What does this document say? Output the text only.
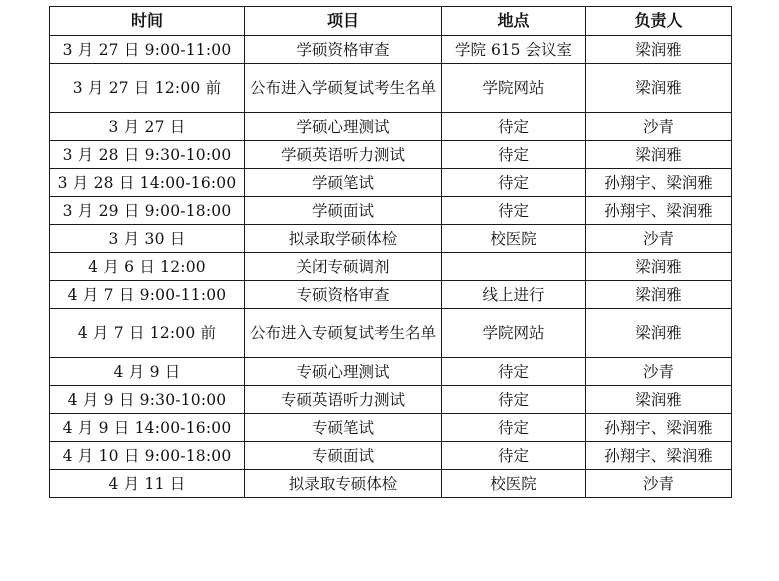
时间	项目	地点	负责人
3 月 27 日 9:00-11:00	学硕资格审查	学院 615 会议室	梁润雅
3 月 27 日 12:00 前	公布进入学硕复试考生名单	学院网站	梁润雅
3 月 27 日	学硕心理测试	待定	沙青
3 月 28 日 9:30-10:00	学硕英语听力测试	待定	梁润雅
3 月 28 日 14:00-16:00	学硕笔试	待定	孙翔宇、梁润雅
3 月 29 日 9:00-18:00	学硕面试	待定	孙翔宇、梁润雅
3 月 30 日	拟录取学硕体检	校医院	沙青
4 月 6 日 12:00	关闭专硕调剂		梁润雅
4 月 7 日 9:00-11:00	专硕资格审查	线上进行	梁润雅
4 月 7 日 12:00 前	公布进入专硕复试考生名单	学院网站	梁润雅
4 月 9 日	专硕心理测试	待定	沙青
4 月 9 日 9:30-10:00	专硕英语听力测试	待定	梁润雅
4 月 9 日 14:00-16:00	专硕笔试	待定	孙翔宇、梁润雅
4 月 10 日 9:00-18:00	专硕面试	待定	孙翔宇、梁润雅
4 月 11 日	拟录取专硕体检	校医院	沙青
